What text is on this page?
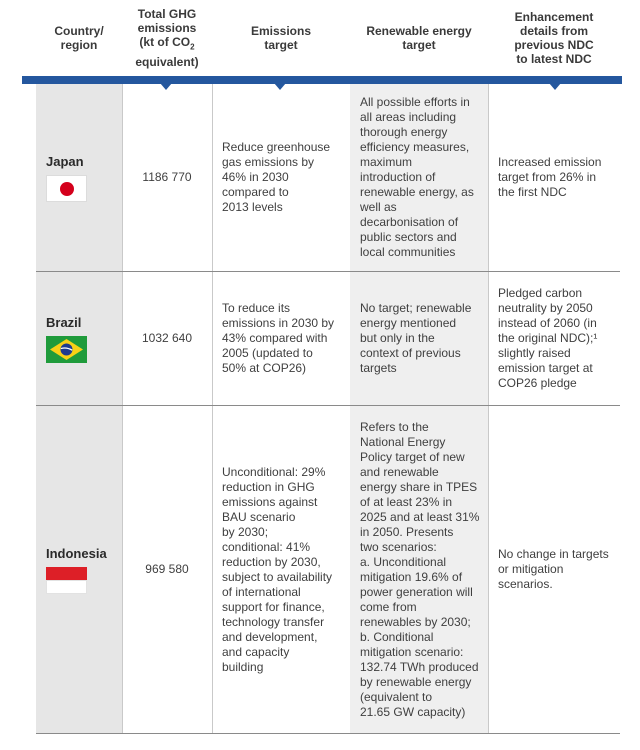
Country/
region
Total GHG
emissions
(kt of $CO_2$
equivalent)
Emissions
target
Renewable energy
target
Enhancement
details from
previous NDC
to latest NDC
Japan
1186 770
Reduce greenhouse
gas emissions by
46% in 2030
compared to
2013 levels
All possible efforts in
all areas including
thorough energy
efficiency measures,
maximum
introduction of
renewable energy, as
well as
decarbonisation of
public sectors and
local communities
Increased emission
target from 26% in
the first NDC
Brazil
1032 640
To reduce its
emissions in 2030 by
43% compared with
2005 (updated to
50% at COP26)
No target; renewable
energy mentioned
but only in the
context of previous
targets
Pledged carbon
neutrality by 2050
instead of 2060 (in
the original NDC);¹
slightly raised
emission target at
COP26 pledge
Indonesia
969 580
Unconditional: 29%
reduction in GHG
emissions against
BAU scenario
by 2030;
conditional: 41%
reduction by 2030,
subject to availability
of international
support for finance,
technology transfer
and development,
and capacity
building
Refers to the
National Energy
Policy target of new
and renewable
energy share in TPES
of at least 23% in
2025 and at least 31%
in 2050. Presents
two scenarios:
a. Unconditional
mitigation 19.6% of
power generation will
come from
renewables by 2030;
b. Conditional
mitigation scenario:
132.74 TWh produced
by renewable energy
(equivalent to
21.65 GW capacity)
No change in targets
or mitigation
scenarios.
